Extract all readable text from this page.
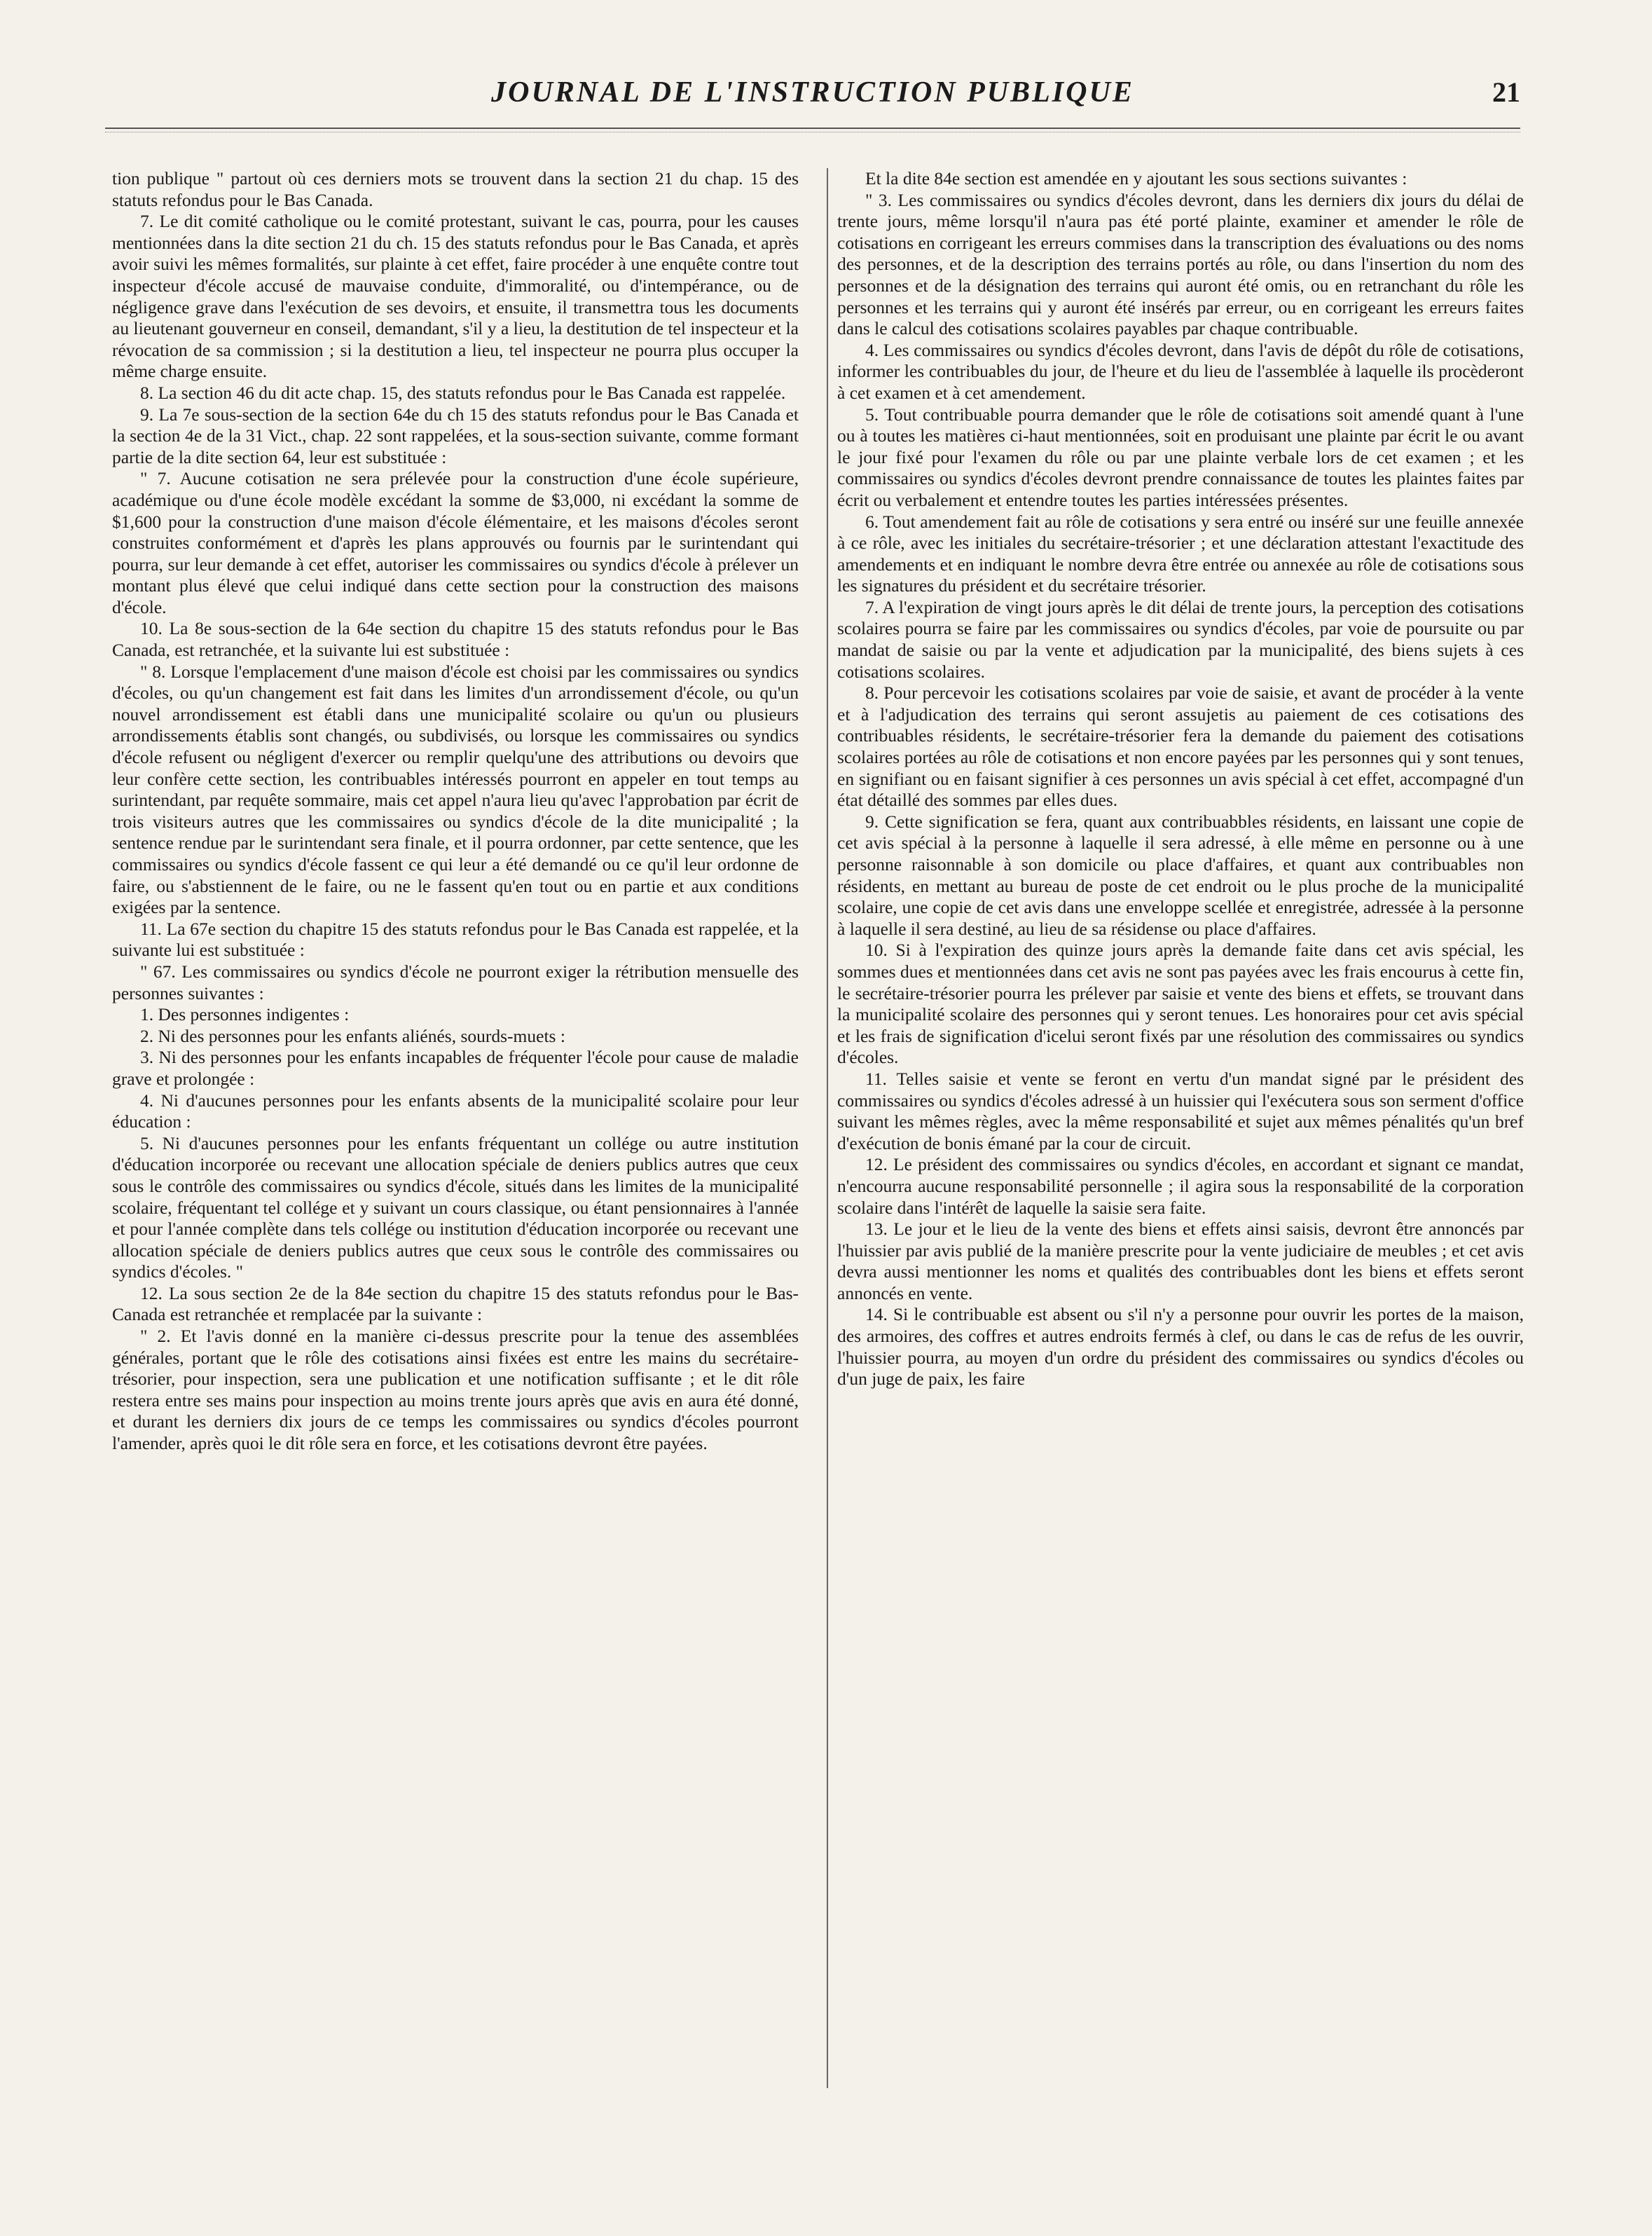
JOURNAL DE L'INSTRUCTION PUBLIQUE	21

tion publique " partout où ces derniers mots se trouvent dans la section 21 du chap. 15 des statuts refondus pour le Bas Canada.

7. Le dit comité catholique ou le comité protestant, suivant le cas, pourra, pour les causes mentionnées dans la dite section 21 du ch. 15 des statuts refondus pour le Bas Canada, et après avoir suivi les mêmes formalités, sur plainte à cet effet, faire procéder à une enquête contre tout inspecteur d'école accusé de mauvaise conduite, d'immoralité, ou d'intempérance, ou de négligence grave dans l'exécution de ses devoirs, et ensuite, il transmettra tous les documents au lieutenant gouverneur en conseil, demandant, s'il y a lieu, la destitution de tel inspecteur et la révocation de sa commission ; si la destitution a lieu, tel inspecteur ne pourra plus occuper la même charge ensuite.

8. La section 46 du dit acte chap. 15, des statuts refondus pour le Bas Canada est rappelée.

9. La 7e sous-section de la section 64e du ch 15 des statuts refondus pour le Bas Canada et la section 4e de la 31 Vict., chap. 22 sont rappelées, et la sous-section suivante, comme formant partie de la dite section 64, leur est substituée :

" 7. Aucune cotisation ne sera prélevée pour la construction d'une école supérieure, académique ou d'une école modèle excédant la somme de $3,000, ni excédant la somme de $1,600 pour la construction d'une maison d'école élémentaire, et les maisons d'écoles seront construites conformément et d'après les plans approuvés ou fournis par le surintendant qui pourra, sur leur demande à cet effet, autoriser les commissaires ou syndics d'école à prélever un montant plus élevé que celui indiqué dans cette section pour la construction des maisons d'école.

10. La 8e sous-section de la 64e section du chapitre 15 des statuts refondus pour le Bas Canada, est retranchée, et la suivante lui est substituée :

" 8. Lorsque l'emplacement d'une maison d'école est choisi par les commissaires ou syndics d'écoles, ou qu'un changement est fait dans les limites d'un arrondissement d'école, ou qu'un nouvel arrondissement est établi dans une municipalité scolaire ou qu'un ou plusieurs arrondissements établis sont changés, ou subdivisés, ou lorsque les commissaires ou syndics d'école refusent ou négligent d'exercer ou remplir quelqu'une des attributions ou devoirs que leur confère cette section, les contribuables intéressés pourront en appeler en tout temps au surintendant, par requête sommaire, mais cet appel n'aura lieu qu'avec l'approbation par écrit de trois visiteurs autres que les commissaires ou syndics d'école de la dite municipalité ; la sentence rendue par le surintendant sera finale, et il pourra ordonner, par cette sentence, que les commissaires ou syndics d'école fassent ce qui leur a été demandé ou ce qu'il leur ordonne de faire, ou s'abstiennent de le faire, ou ne le fassent qu'en tout ou en partie et aux conditions exigées par la sentence.

11. La 67e section du chapitre 15 des statuts refondus pour le Bas Canada est rappelée, et la suivante lui est substituée :

" 67. Les commissaires ou syndics d'école ne pourront exiger la rétribution mensuelle des personnes suivantes :

1. Des personnes indigentes :

2. Ni des personnes pour les enfants aliénés, sourds-muets :

3. Ni des personnes pour les enfants incapables de fréquenter l'école pour cause de maladie grave et prolongée :

4. Ni d'aucunes personnes pour les enfants absents de la municipalité scolaire pour leur éducation :

5. Ni d'aucunes personnes pour les enfants fréquentant un collége ou autre institution d'éducation incorporée ou recevant une allocation spéciale de deniers publics autres que ceux sous le contrôle des commissaires ou syndics d'école, situés dans les limites de la municipalité scolaire, fréquentant tel collége et y suivant un cours classique, ou étant pensionnaires à l'année et pour l'année complète dans tels collége ou institution d'éducation incorporée ou recevant une allocation spéciale de deniers publics autres que ceux sous le contrôle des commissaires ou syndics d'écoles. "

12. La sous section 2e de la 84e section du chapitre 15 des statuts refondus pour le Bas-Canada est retranchée et remplacée par la suivante :

" 2. Et l'avis donné en la manière ci-dessus prescrite pour la tenue des assemblées générales, portant que le rôle des cotisations ainsi fixées est entre les mains du secrétaire-trésorier, pour inspection, sera une publication et une notification suffisante ; et le dit rôle restera entre ses mains pour inspection au moins trente jours après que avis en aura été donné, et durant les derniers dix jours de ce temps les commissaires ou syndics d'écoles pourront l'amender, après quoi le dit rôle sera en force, et les cotisations devront être payées.

Et la dite 84e section est amendée en y ajoutant les sous sections suivantes :

" 3. Les commissaires ou syndics d'écoles devront, dans les derniers dix jours du délai de trente jours, même lorsqu'il n'aura pas été porté plainte, examiner et amender le rôle de cotisations en corrigeant les erreurs commises dans la transcription des évaluations ou des noms des personnes, et de la description des terrains portés au rôle, ou dans l'insertion du nom des personnes et de la désignation des terrains qui auront été omis, ou en retranchant du rôle les personnes et les terrains qui y auront été insérés par erreur, ou en corrigeant les erreurs faites dans le calcul des cotisations scolaires payables par chaque contribuable.

4. Les commissaires ou syndics d'écoles devront, dans l'avis de dépôt du rôle de cotisations, informer les contribuables du jour, de l'heure et du lieu de l'assemblée à laquelle ils procèderont à cet examen et à cet amendement.

5. Tout contribuable pourra demander que le rôle de cotisations soit amendé quant à l'une ou à toutes les matières ci-haut mentionnées, soit en produisant une plainte par écrit le ou avant le jour fixé pour l'examen du rôle ou par une plainte verbale lors de cet examen ; et les commissaires ou syndics d'écoles devront prendre connaissance de toutes les plaintes faites par écrit ou verbalement et entendre toutes les parties intéressées présentes.

6. Tout amendement fait au rôle de cotisations y sera entré ou inséré sur une feuille annexée à ce rôle, avec les initiales du secrétaire-trésorier ; et une déclaration attestant l'exactitude des amendements et en indiquant le nombre devra être entrée ou annexée au rôle de cotisations sous les signatures du président et du secrétaire trésorier.

7. A l'expiration de vingt jours après le dit délai de trente jours, la perception des cotisations scolaires pourra se faire par les commissaires ou syndics d'écoles, par voie de poursuite ou par mandat de saisie ou par la vente et adjudication par la municipalité, des biens sujets à ces cotisations scolaires.

8. Pour percevoir les cotisations scolaires par voie de saisie, et avant de procéder à la vente et à l'adjudication des terrains qui seront assujetis au paiement de ces cotisations des contribuables résidents, le secrétaire-trésorier fera la demande du paiement des cotisations scolaires portées au rôle de cotisations et non encore payées par les personnes qui y sont tenues, en signifiant ou en faisant signifier à ces personnes un avis spécial à cet effet, accompagné d'un état détaillé des sommes par elles dues.

9. Cette signification se fera, quant aux contribuabbles résidents, en laissant une copie de cet avis spécial à la personne à laquelle il sera adressé, à elle même en personne ou à une personne raisonnable à son domicile ou place d'affaires, et quant aux contribuables non résidents, en mettant au bureau de poste de cet endroit ou le plus proche de la municipalité scolaire, une copie de cet avis dans une enveloppe scellée et enregistrée, adressée à la personne à laquelle il sera destiné, au lieu de sa résidense ou place d'affaires.

10. Si à l'expiration des quinze jours après la demande faite dans cet avis spécial, les sommes dues et mentionnées dans cet avis ne sont pas payées avec les frais encourus à cette fin, le secrétaire-trésorier pourra les prélever par saisie et vente des biens et effets, se trouvant dans la municipalité scolaire des personnes qui y seront tenues. Les honoraires pour cet avis spécial et les frais de signification d'icelui seront fixés par une résolution des commissaires ou syndics d'écoles.

11. Telles saisie et vente se feront en vertu d'un mandat signé par le président des commissaires ou syndics d'écoles adressé à un huissier qui l'exécutera sous son serment d'office suivant les mêmes règles, avec la même responsabilité et sujet aux mêmes pénalités qu'un bref d'exécution de bonis émané par la cour de circuit.

12. Le président des commissaires ou syndics d'écoles, en accordant et signant ce mandat, n'encourra aucune responsabilité personnelle ; il agira sous la responsabilité de la corporation scolaire dans l'intérêt de laquelle la saisie sera faite.

13. Le jour et le lieu de la vente des biens et effets ainsi saisis, devront être annoncés par l'huissier par avis publié de la manière prescrite pour la vente judiciaire de meubles ; et cet avis devra aussi mentionner les noms et qualités des contribuables dont les biens et effets seront annoncés en vente.

14. Si le contribuable est absent ou s'il n'y a personne pour ouvrir les portes de la maison, des armoires, des coffres et autres endroits fermés à clef, ou dans le cas de refus de les ouvrir, l'huissier pourra, au moyen d'un ordre du président des commissaires ou syndics d'écoles ou d'un juge de paix, les faire
